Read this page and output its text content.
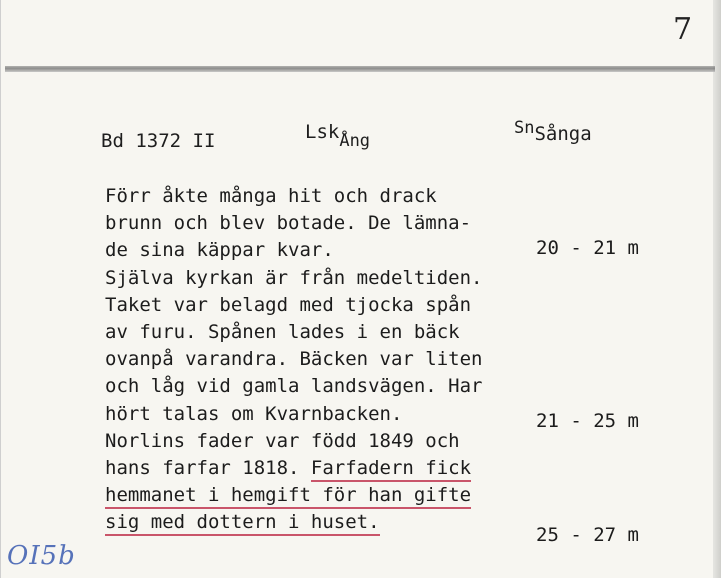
7
Bd 1372 II	LskÅng
SnSånga
Förr åkte många hit och drack
brunn och blev botade. De lämna-
de sina käppar kvar.
Själva kyrkan är från medeltiden.
Taket var belagd med tjocka spån
av furu. Spånen lades i en bäck
ovanpå varandra. Bäcken var liten
och låg vid gamla landsvägen. Har
hört talas om Kvarnbacken.
Norlins fader var född 1849 och
hans farfar 1818. Farfadern fick
hemmanet i hemgift för han gifte
sig med dottern i huset.
20 - 21 m
21 - 25 m
25 - 27 m
OI5b
